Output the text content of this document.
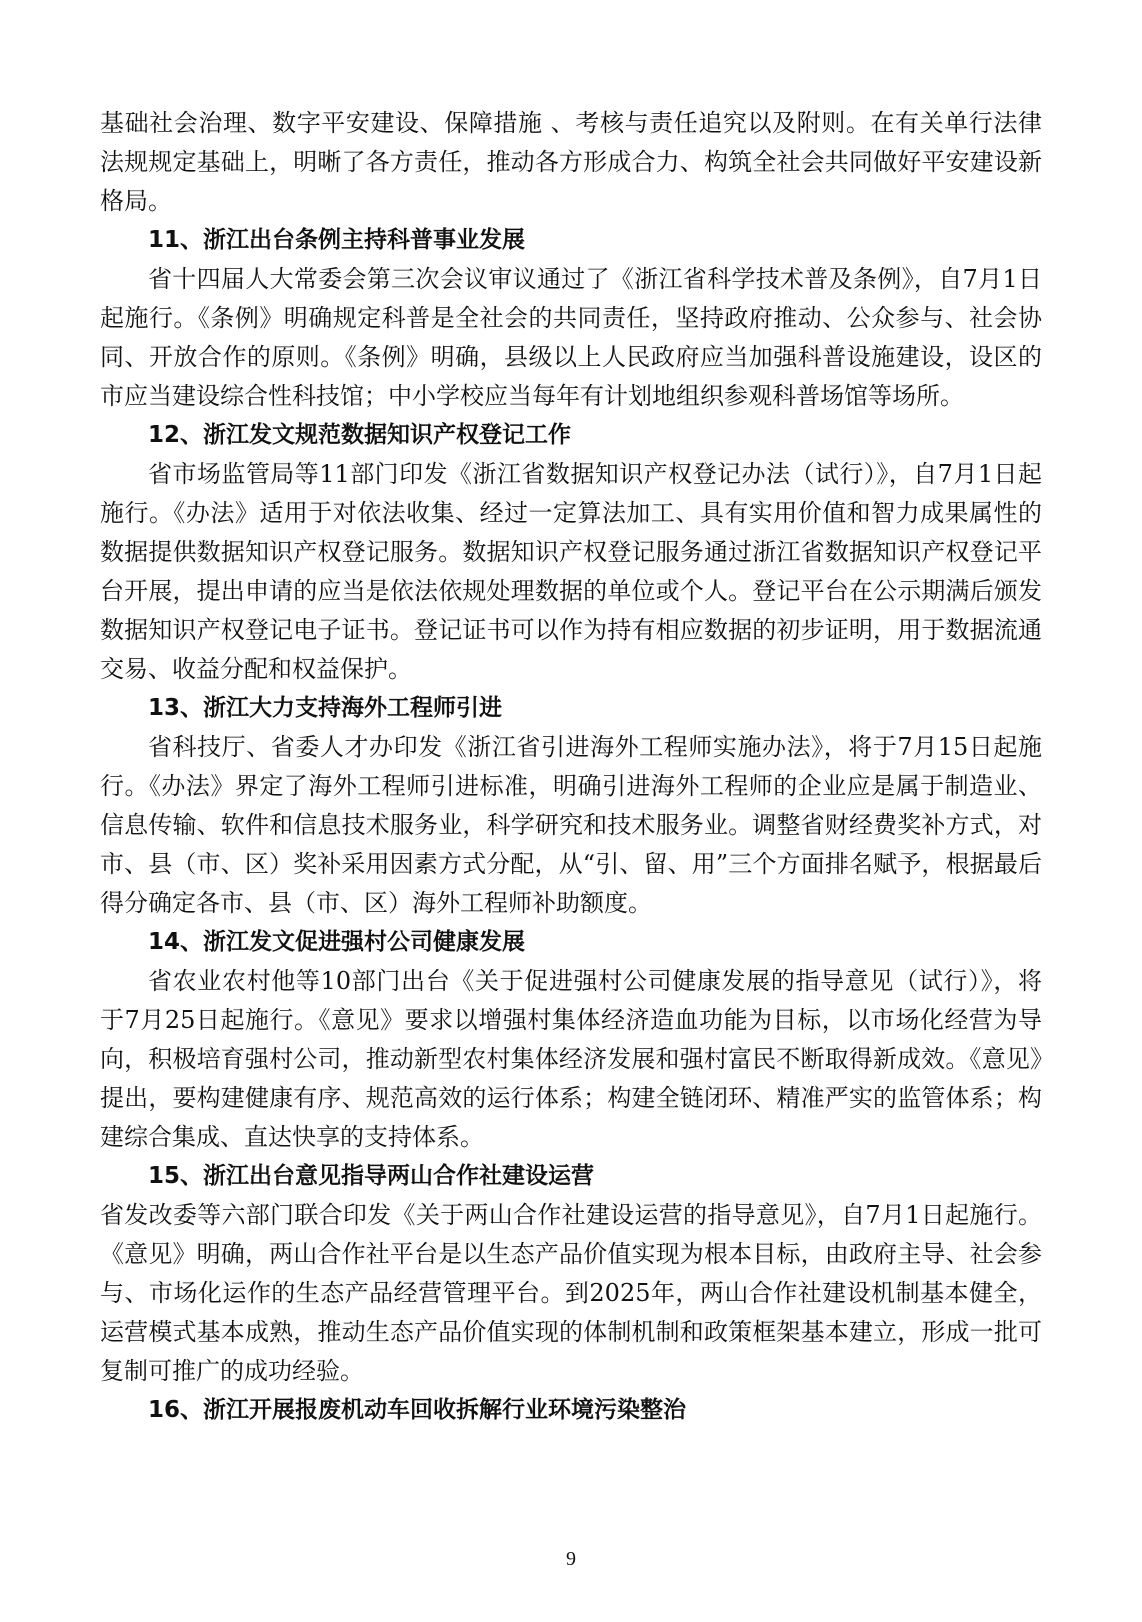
基础社会治理、数字平安建设、保障措施 、考核与责任追究以及附则。在有关单行法律法规规定基础上，明晰了各方责任，推动各方形成合力、构筑全社会共同做好平安建设新格局。

11、浙江出台条例主持科普事业发展

省十四届人大常委会第三次会议审议通过了《浙江省科学技术普及条例》，自7月1日起施行。《条例》明确规定科普是全社会的共同责任，坚持政府推动、公众参与、社会协同、开放合作的原则。《条例》明确，县级以上人民政府应当加强科普设施建设，设区的市应当建设综合性科技馆；中小学校应当每年有计划地组织参观科普场馆等场所。

12、浙江发文规范数据知识产权登记工作

省市场监管局等11部门印发《浙江省数据知识产权登记办法（试行）》，自7月1日起施行。《办法》适用于对依法收集、经过一定算法加工、具有实用价值和智力成果属性的数据提供数据知识产权登记服务。数据知识产权登记服务通过浙江省数据知识产权登记平台开展，提出申请的应当是依法依规处理数据的单位或个人。登记平台在公示期满后颁发数据知识产权登记电子证书。登记证书可以作为持有相应数据的初步证明，用于数据流通交易、收益分配和权益保护。

13、浙江大力支持海外工程师引进

省科技厅、省委人才办印发《浙江省引进海外工程师实施办法》，将于7月15日起施行。《办法》界定了海外工程师引进标准，明确引进海外工程师的企业应是属于制造业、信息传输、软件和信息技术服务业，科学研究和技术服务业。调整省财经费奖补方式，对市、县（市、区）奖补采用因素方式分配，从“引、留、用”三个方面排名赋予，根据最后得分确定各市、县（市、区）海外工程师补助额度。

14、浙江发文促进强村公司健康发展

省农业农村他等10部门出台《关于促进强村公司健康发展的指导意见（试行）》，将于7月25日起施行。《意见》要求以增强村集体经济造血功能为目标，以市场化经营为导向，积极培育强村公司，推动新型农村集体经济发展和强村富民不断取得新成效。《意见》提出，要构建健康有序、规范高效的运行体系；构建全链闭环、精准严实的监管体系；构建综合集成、直达快享的支持体系。

15、浙江出台意见指导两山合作社建设运营

省发改委等六部门联合印发《关于两山合作社建设运营的指导意见》，自7月1日起施行。《意见》明确，两山合作社平台是以生态产品价值实现为根本目标，由政府主导、社会参与、市场化运作的生态产品经营管理平台。到2025年，两山合作社建设机制基本健全，运营模式基本成熟，推动生态产品价值实现的体制机制和政策框架基本建立，形成一批可复制可推广的成功经验。

16、浙江开展报废机动车回收拆解行业环境污染整治

9
